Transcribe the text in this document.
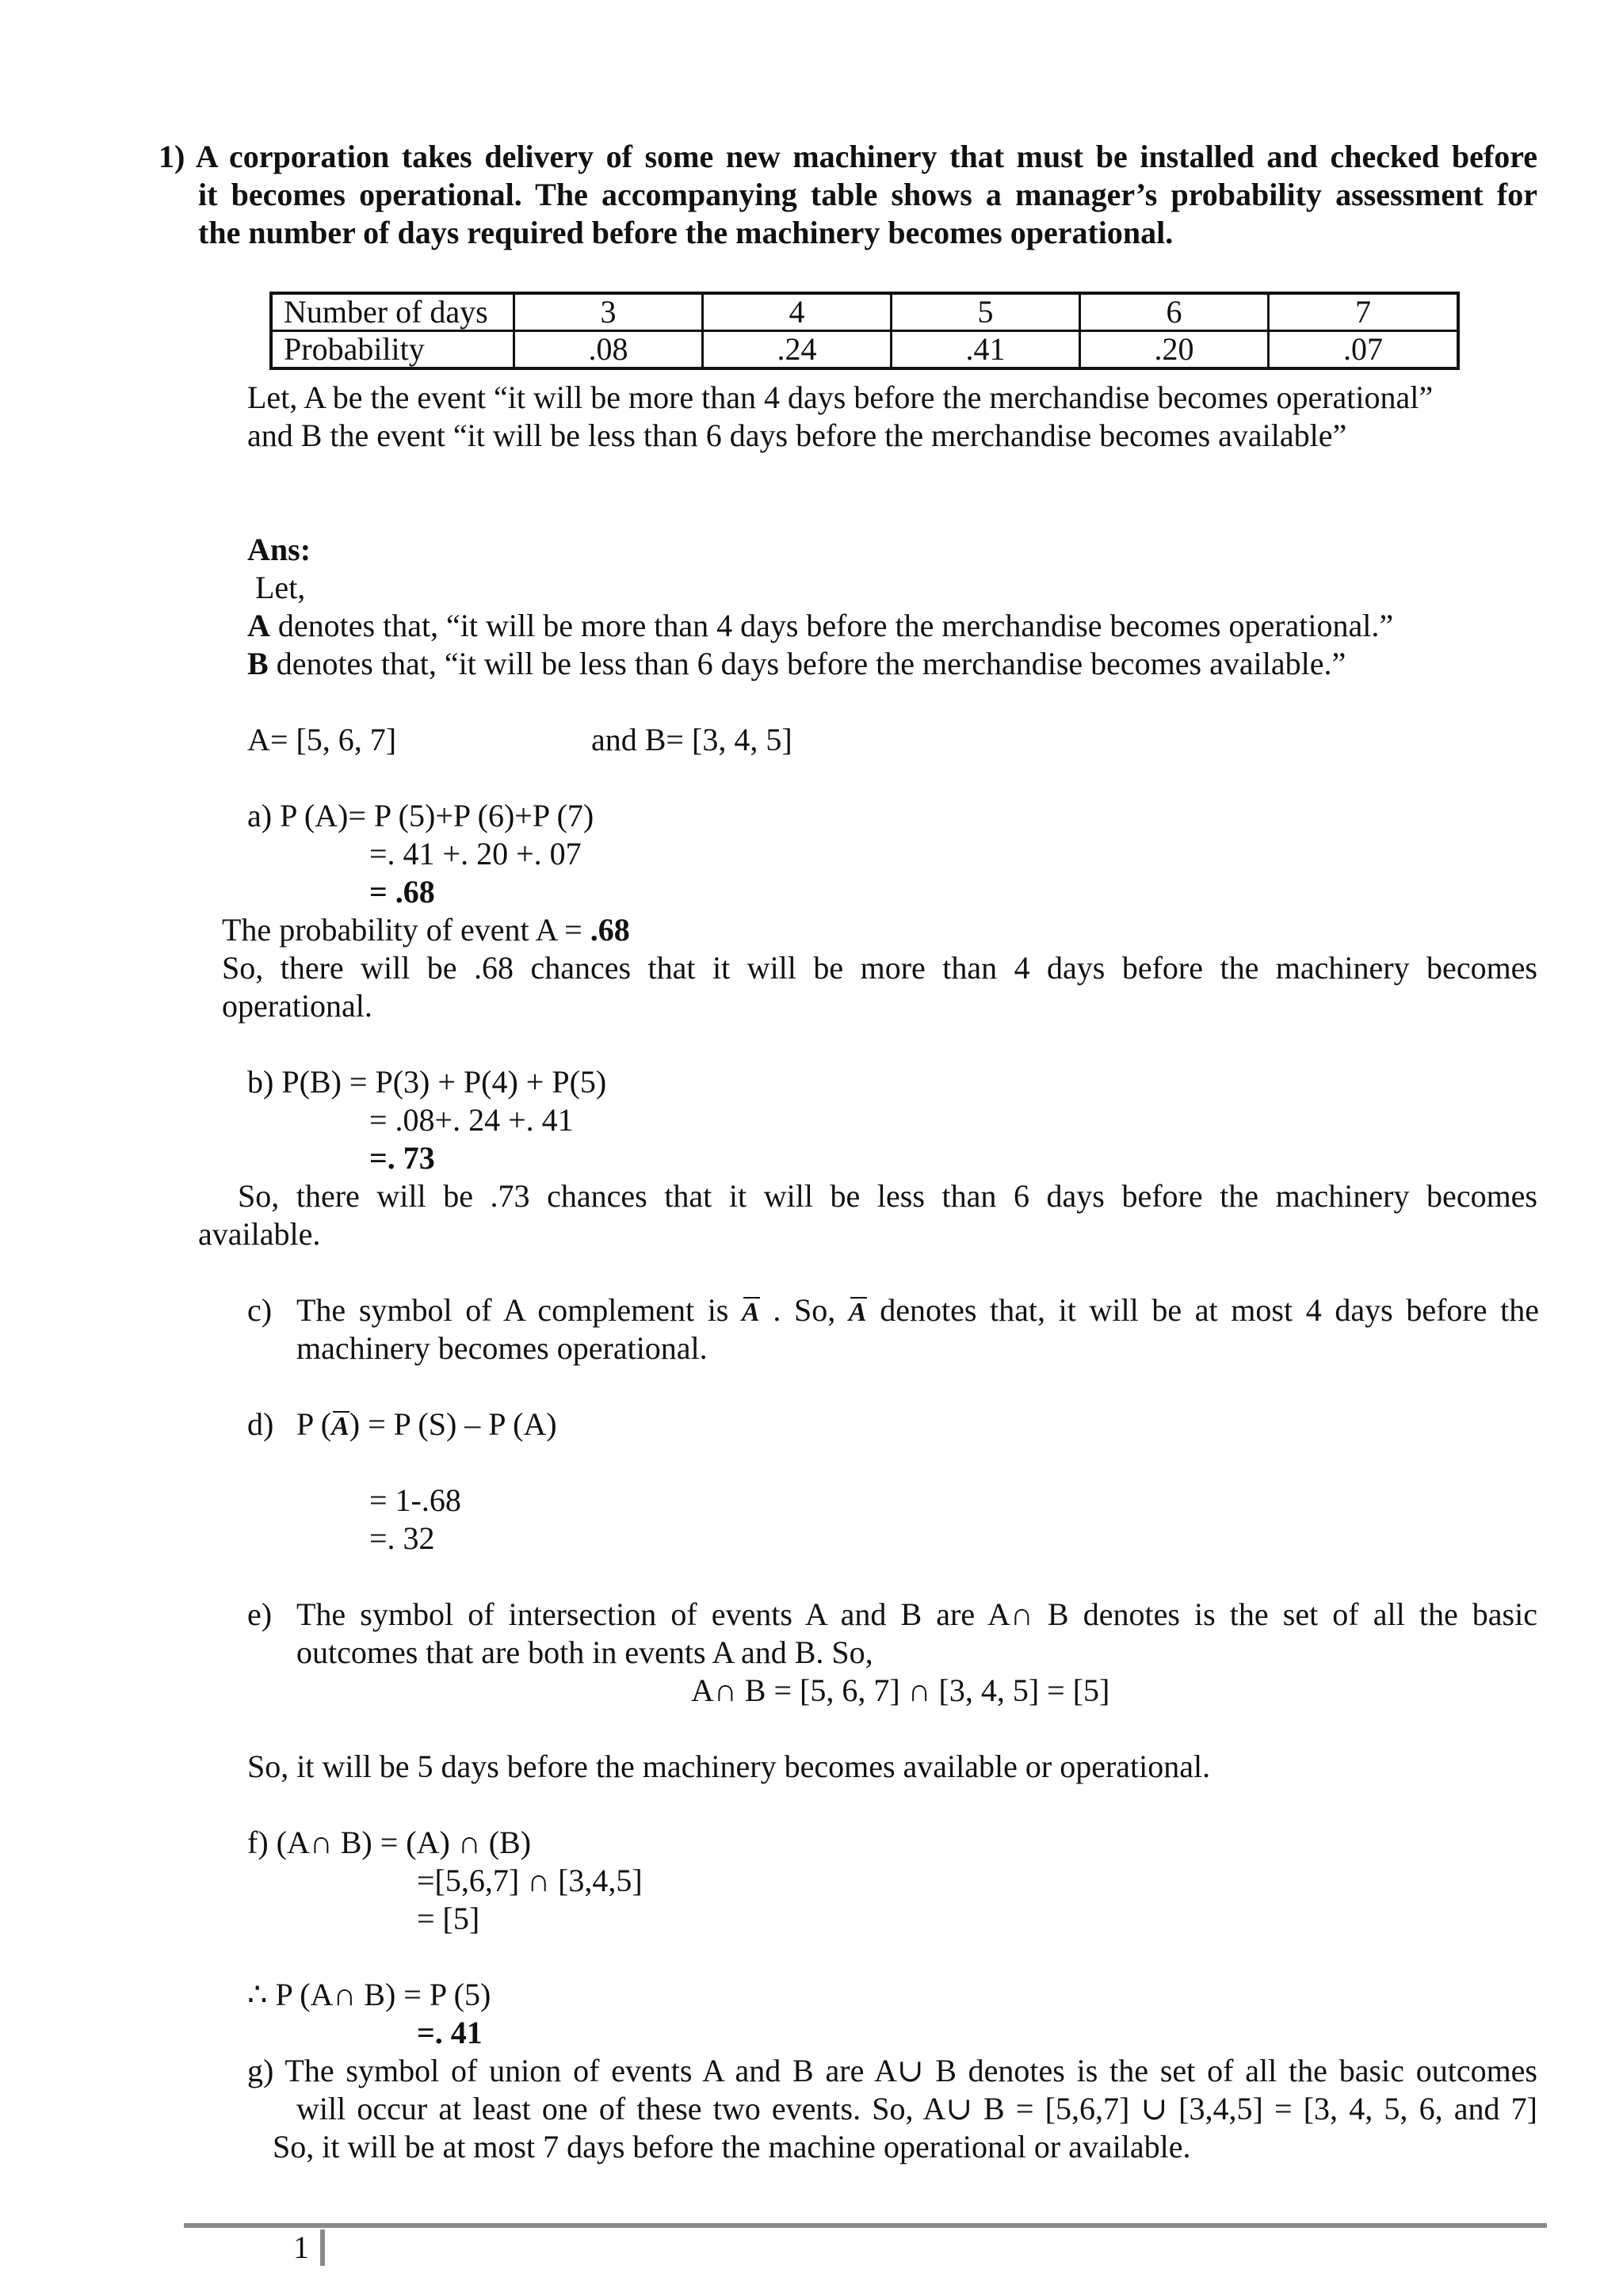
1) A corporation takes delivery of some new machinery that must be installed and checked before
it becomes operational. The accompanying table shows a manager’s probability assessment for
the number of days required before the machinery becomes operational.
Number of days	3	4	5	6	7
Probability	.08	.24	.41	.20	.07
Let, A be the event “it will be more than 4 days before the merchandise becomes operational”
and B the event “it will be less than 6 days before the merchandise becomes available”
Ans:
Let,
A denotes that, “it will be more than 4 days before the merchandise becomes operational.”
B denotes that, “it will be less than 6 days before the merchandise becomes available.”
A= [5, 6, 7]	and B= [3, 4, 5]
a) P (A)= P (5)+P (6)+P (7)
=. 41 +. 20 +. 07
= .68
The probability of event A = .68
So, there will be .68 chances that it will be more than 4 days before the machinery becomes
operational.
b) P(B) = P(3) + P(4) + P(5)
= .08+. 24 +. 41
=. 73
So, there will be .73 chances that it will be less than 6 days before the machinery becomes
available.
c) The symbol of A complement is A . So, A denotes that, it will be at most 4 days before the
machinery becomes operational.
d) P (A) = P (S) – P (A)
= 1-.68
=. 32
e) The symbol of intersection of events A and B are A∩ B denotes is the set of all the basic
outcomes that are both in events A and B. So,
A∩ B = [5, 6, 7] ∩ [3, 4, 5] = [5]
So, it will be 5 days before the machinery becomes available or operational.
f) (A∩ B) = (A) ∩ (B)
=[5,6,7] ∩ [3,4,5]
= [5]
∴ P (A∩ B) = P (5)
=. 41
g) The symbol of union of events A and B are A∪ B denotes is the set of all the basic outcomes
will occur at least one of these two events. So, A∪ B = [5,6,7] ∪ [3,4,5] = [3, 4, 5, 6, and 7]
So, it will be at most 7 days before the machine operational or available.
1
